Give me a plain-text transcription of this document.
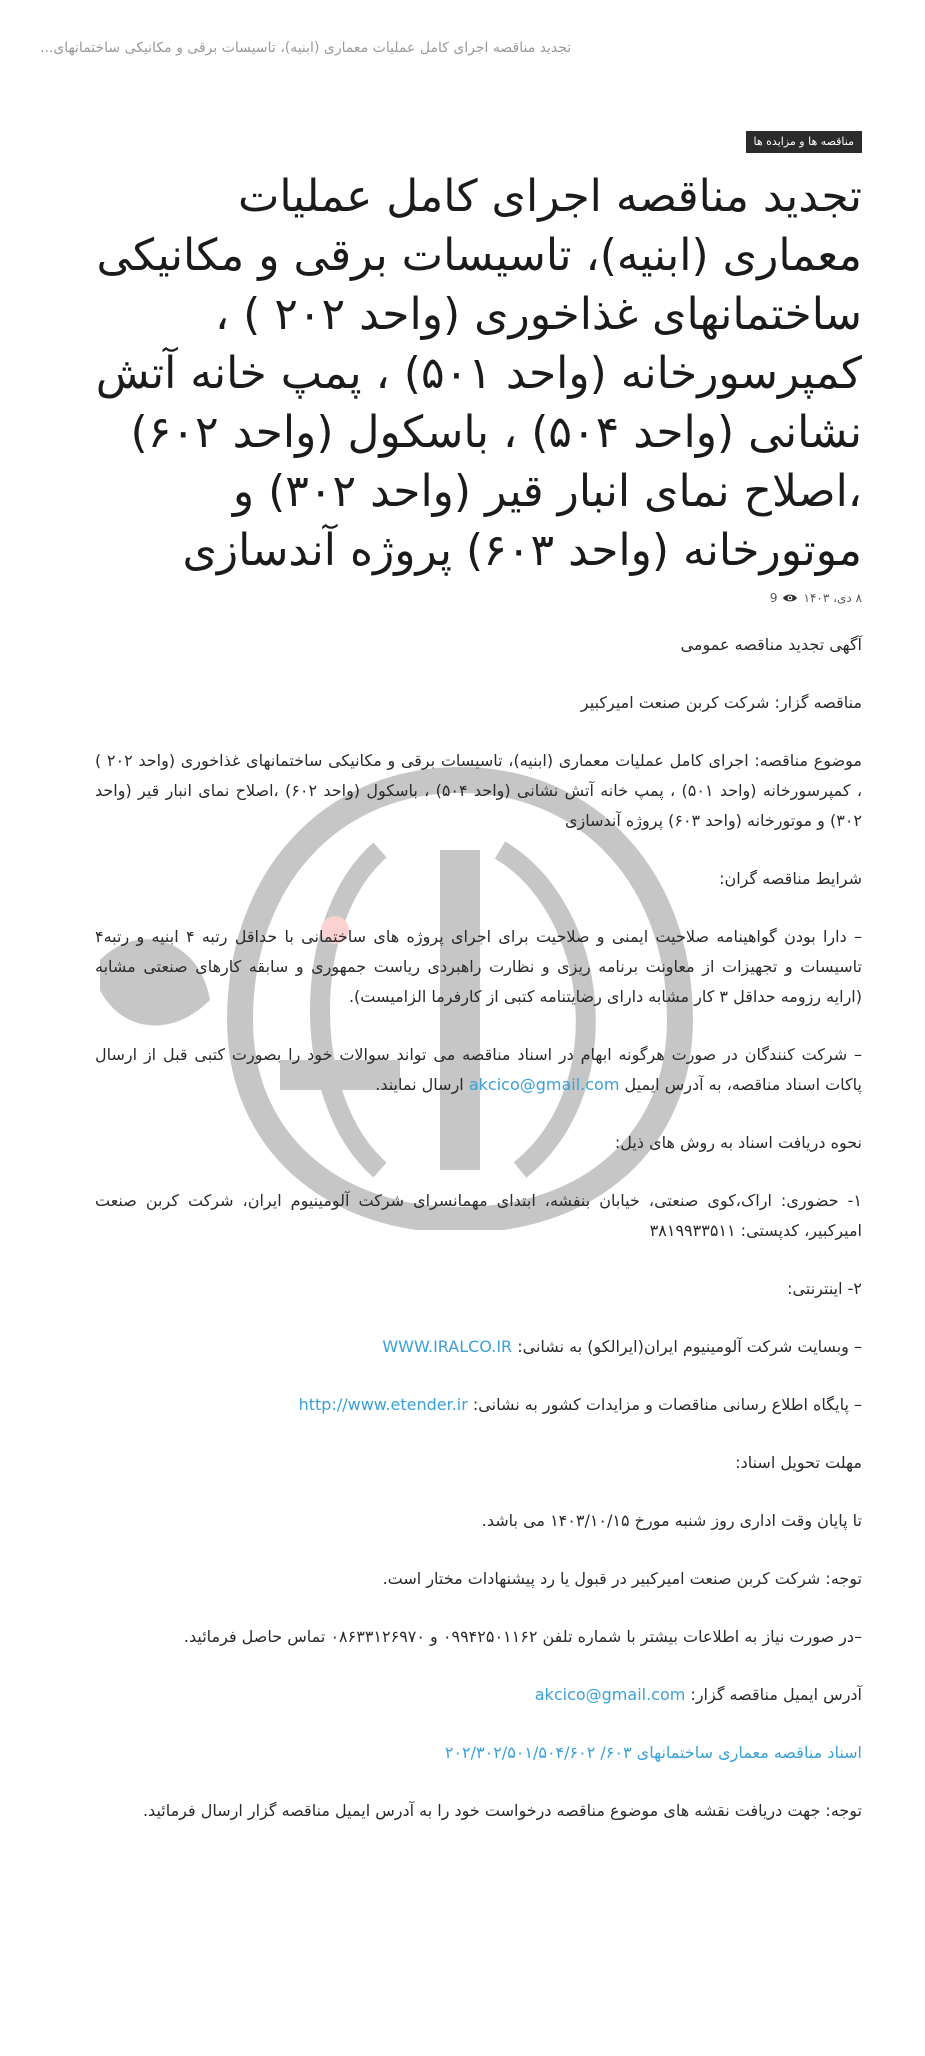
تجدید مناقصه اجرای کامل عملیات معماری (ابنیه)، تاسیسات برقی و مکانیکی ساختمانهای...
مناقصه ها و مزایده ها
تجدید مناقصه اجرای کامل عملیات معماری (ابنیه)، تاسیسات برقی و مکانیکی ساختمانهای غذاخوری (واحد ۲۰۲ ) ، کمپرسورخانه (واحد ۵۰۱) ، پمپ خانه آتش نشانی (واحد ۵۰۴) ، باسکول (واحد ۶۰۲) ،اصلاح نمای انبار قیر (واحد ۳۰۲) و موتورخانه (واحد ۶۰۳) پروژه آندسازی
۸ دی، ۱۴۰۳
9

آگهی تجدید مناقصه عمومی

مناقصه گزار: شرکت کربن صنعت امیرکبیر

موضوع مناقصه: اجرای کامل عملیات معماری (ابنیه)، تاسیسات برقی و مکانیکی ساختمانهای غذاخوری (واحد ۲۰۲ ) ، کمپرسورخانه (واحد ۵۰۱) ، پمپ خانه آتش نشانی (واحد ۵۰۴) ، باسکول (واحد ۶۰۲) ،اصلاح نمای انبار قیر (واحد ۳۰۲) و موتورخانه (واحد ۶۰۳) پروژه آندسازی

شرایط مناقصه گران:

– دارا بودن گواهینامه صلاحیت ایمنی و صلاحیت برای اجرای پروژه های ساختمانی با حداقل رتبه ۴ ابنیه و رتبه۴ تاسیسات و تجهیزات از معاونت برنامه ریزی و نظارت راهبردی ریاست جمهوری و سابقه کارهای صنعتی مشابه (ارایه رزومه حداقل ۳ کار مشابه دارای رضایتنامه کتبی از کارفرما الزامیست).

– شرکت کنندگان در صورت هرگونه ابهام در اسناد مناقصه می تواند سوالات خود را بصورت کتبی قبل از ارسال پاکات اسناد مناقصه، به آدرس ایمیل akcico@gmail.com ارسال نمایند.

نحوه دریافت اسناد به روش های ذیل:

۱- حضوری: اراک،کوی صنعتی، خیابان بنفشه، ابتدای مهمانسرای شرکت آلومینیوم ایران، شرکت کربن صنعت امیرکبیر، کدپستی: ۳۸۱۹۹۳۳۵۱۱

۲- اینترنتی:

– وبسایت شرکت آلومینیوم ایران(ایرالکو) به نشانی: WWW.IRALCO.IR

– پایگاه اطلاع رسانی مناقصات و مزایدات کشور به نشانی: http://www.etender.ir

مهلت تحویل اسناد:

تا پایان وقت اداری روز شنبه مورخ ۱۴۰۳/۱۰/۱۵ می باشد.

توجه: شرکت کربن صنعت امیرکبیر در قبول یا رد پیشنهادات مختار است.

–در صورت نیاز به اطلاعات بیشتر با شماره تلفن ۰۹۹۴۲۵۰۱۱۶۲ و ۰۸۶۳۳۱۲۶۹۷۰ تماس حاصل فرمائید.

آدرس ایمیل مناقصه گزار: akcico@gmail.com

اسناد مناقصه معماری ساختمانهای ۶۰۳/ ۲۰۲/۳۰۲/۵۰۱/۵۰۴/۶۰۲

توجه: جهت دریافت نقشه های موضوع مناقصه درخواست خود را به آدرس ایمیل مناقصه گزار ارسال فرمائید.
